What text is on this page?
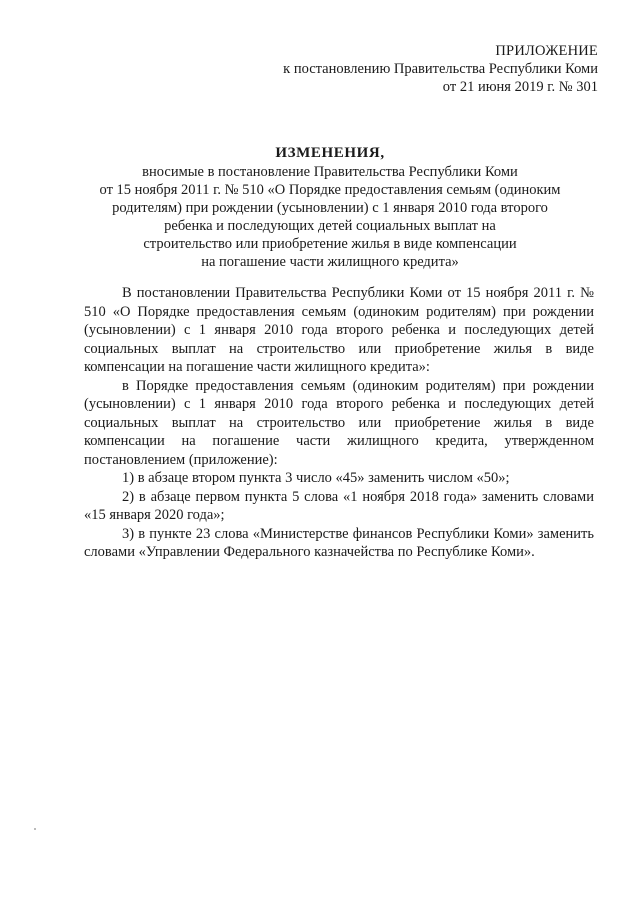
ПРИЛОЖЕНИЕ
к постановлению Правительства Республики Коми
от 21 июня 2019 г. № 301
ИЗМЕНЕНИЯ,
вносимые в постановление Правительства Республики Коми
от 15 ноября 2011 г. № 510 «О Порядке предоставления семьям (одиноким
родителям) при рождении (усыновлении) с 1 января 2010 года второго
ребенка и последующих детей социальных выплат на
строительство или приобретение жилья в виде компенсации
на погашение части жилищного кредита»

В постановлении Правительства Республики Коми от 15 ноября 2011 г. № 510 «О Порядке предоставления семьям (одиноким родителям) при рождении (усыновлении) с 1 января 2010 года второго ребенка и последующих детей социальных выплат на строительство или приобретение жилья в виде компенсации на погашение части жилищного кредита»:

в Порядке предоставления семьям (одиноким родителям) при рождении (усыновлении) с 1 января 2010 года второго ребенка и последующих детей социальных выплат на строительство или приобретение жилья в виде компенсации на погашение части жилищного кредита, утвержденном постановлением (приложение):

1) в абзаце втором пункта 3 число «45» заменить числом «50»;

2) в абзаце первом пункта 5 слова «1 ноября 2018 года» заменить словами «15 января 2020 года»;

3) в пункте 23 слова «Министерстве финансов Республики Коми» заменить словами «Управлении Федерального казначейства по Республике Коми».
